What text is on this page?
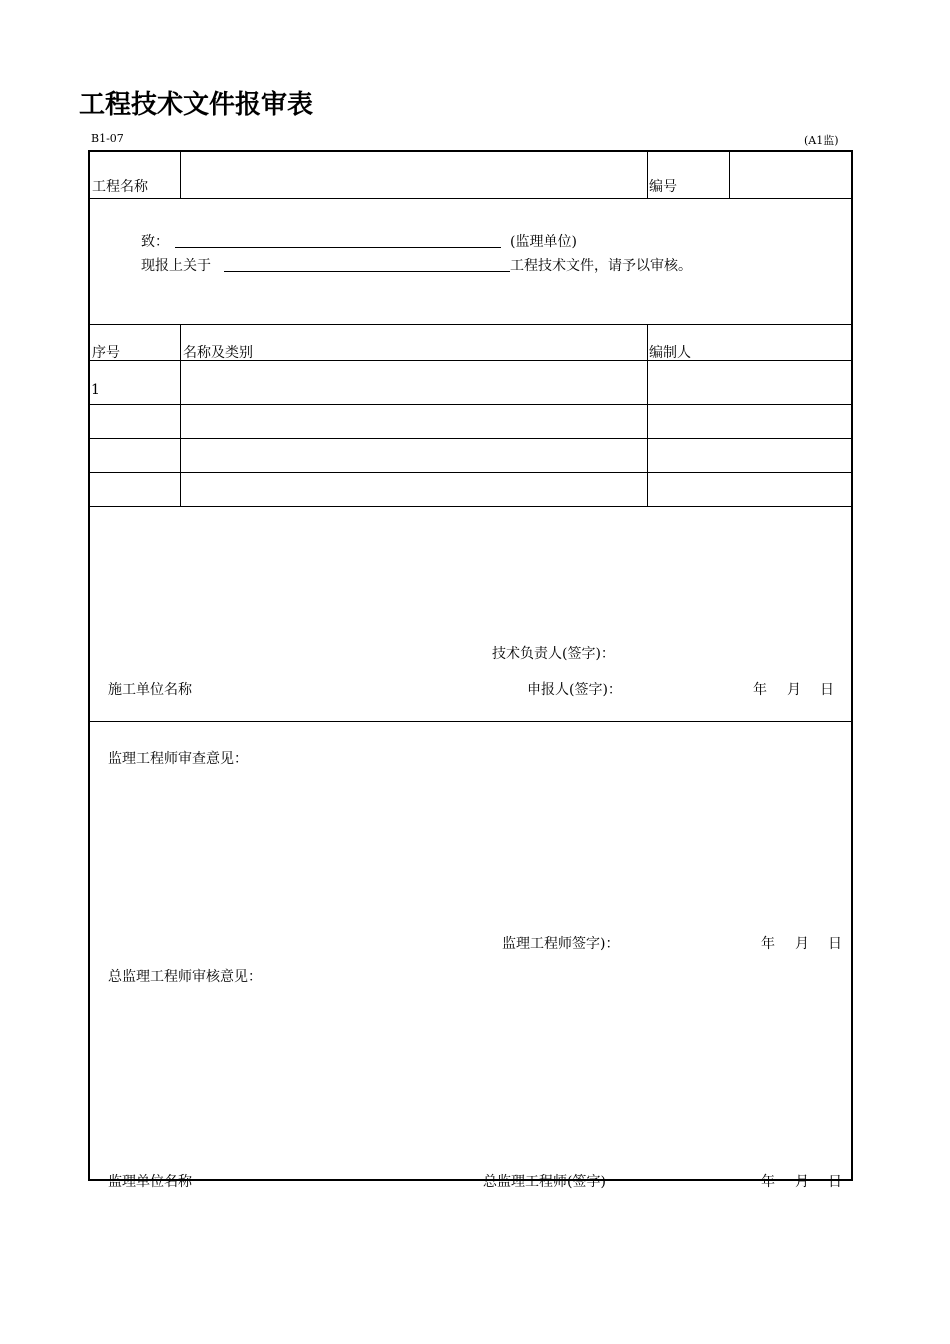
工程技术文件报审表
B1-07	(A1监)
工程名称	编号
致：	(监理单位)
现报上关于	工程技术文件，请予以审核。
序号	名称及类别	编制人
1
技术负责人(签字)：
施工单位名称	申报人(签字)：	年 月 日
监理工程师审查意见：
监理工程师签字)：	年 月 日
总监理工程师审核意见：
监理单位名称	总监理工程师(签字)	年 月 日
